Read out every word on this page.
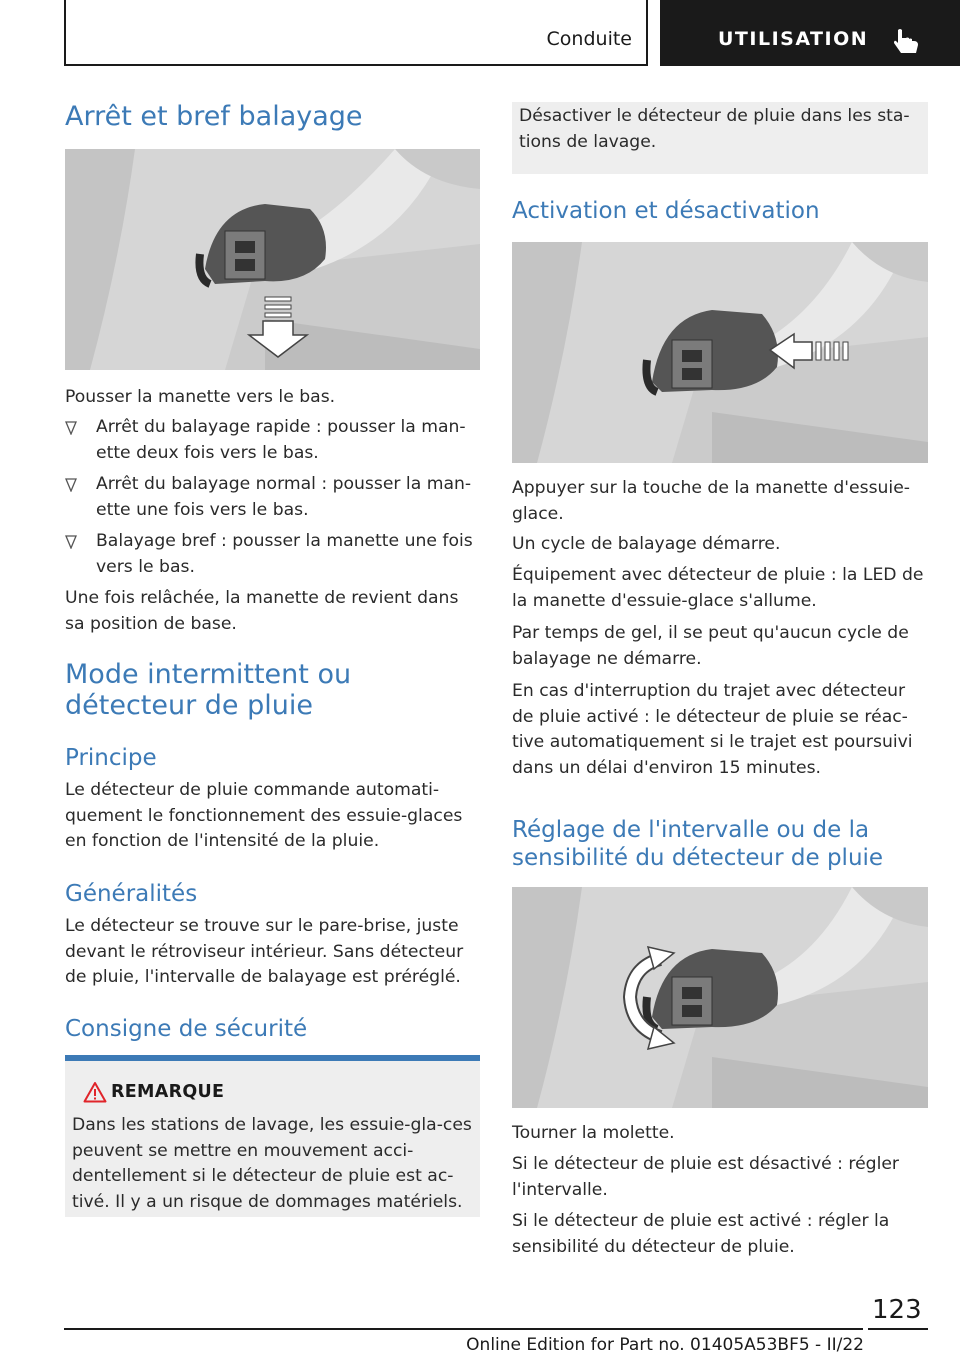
Conduite	UTILISATION
Arrêt et bref balayage

Pousser la manette vers le bas.

Arrêt du balayage rapide : pousser la man-ette deux fois vers le bas.
Arrêt du balayage normal : pousser la man-ette une fois vers le bas.
Balayage bref : pousser la manette une fois vers le bas.

Une fois relâchée, la manette de revient dans sa position de base.

Mode intermittent ou détecteur de pluie
Principe

Le détecteur de pluie commande automati-quement le fonctionnement des essuie-glaces en fonction de l'intensité de la pluie.

Généralités

Le détecteur se trouve sur le pare-brise, juste devant le rétroviseur intérieur. Sans détecteur de pluie, l'intervalle de balayage est préréglé.

Consigne de sécurité
REMARQUE

Dans les stations de lavage, les essuie-gla-ces peuvent se mettre en mouvement acci-dentellement si le détecteur de pluie est ac-tivé. Il y a un risque de dommages matériels.

Désactiver le détecteur de pluie dans les sta-tions de lavage.

Activation et désactivation

Appuyer sur la touche de la manette d'essuie-glace.

Un cycle de balayage démarre.

Équipement avec détecteur de pluie : la LED de la manette d'essuie-glace s'allume.

Par temps de gel, il se peut qu'aucun cycle de balayage ne démarre.

En cas d'interruption du trajet avec détecteur de pluie activé : le détecteur de pluie se réac-tive automatiquement si le trajet est poursuivi dans un délai d'environ 15 minutes.

Réglage de l'intervalle ou de la sensibilité du détecteur de pluie

Tourner la molette.

Si le détecteur de pluie est désactivé : régler l'intervalle.

Si le détecteur de pluie est activé : régler la sensibilité du détecteur de pluie.

123
Online Edition for Part no. 01405A53BF5 - II/22
